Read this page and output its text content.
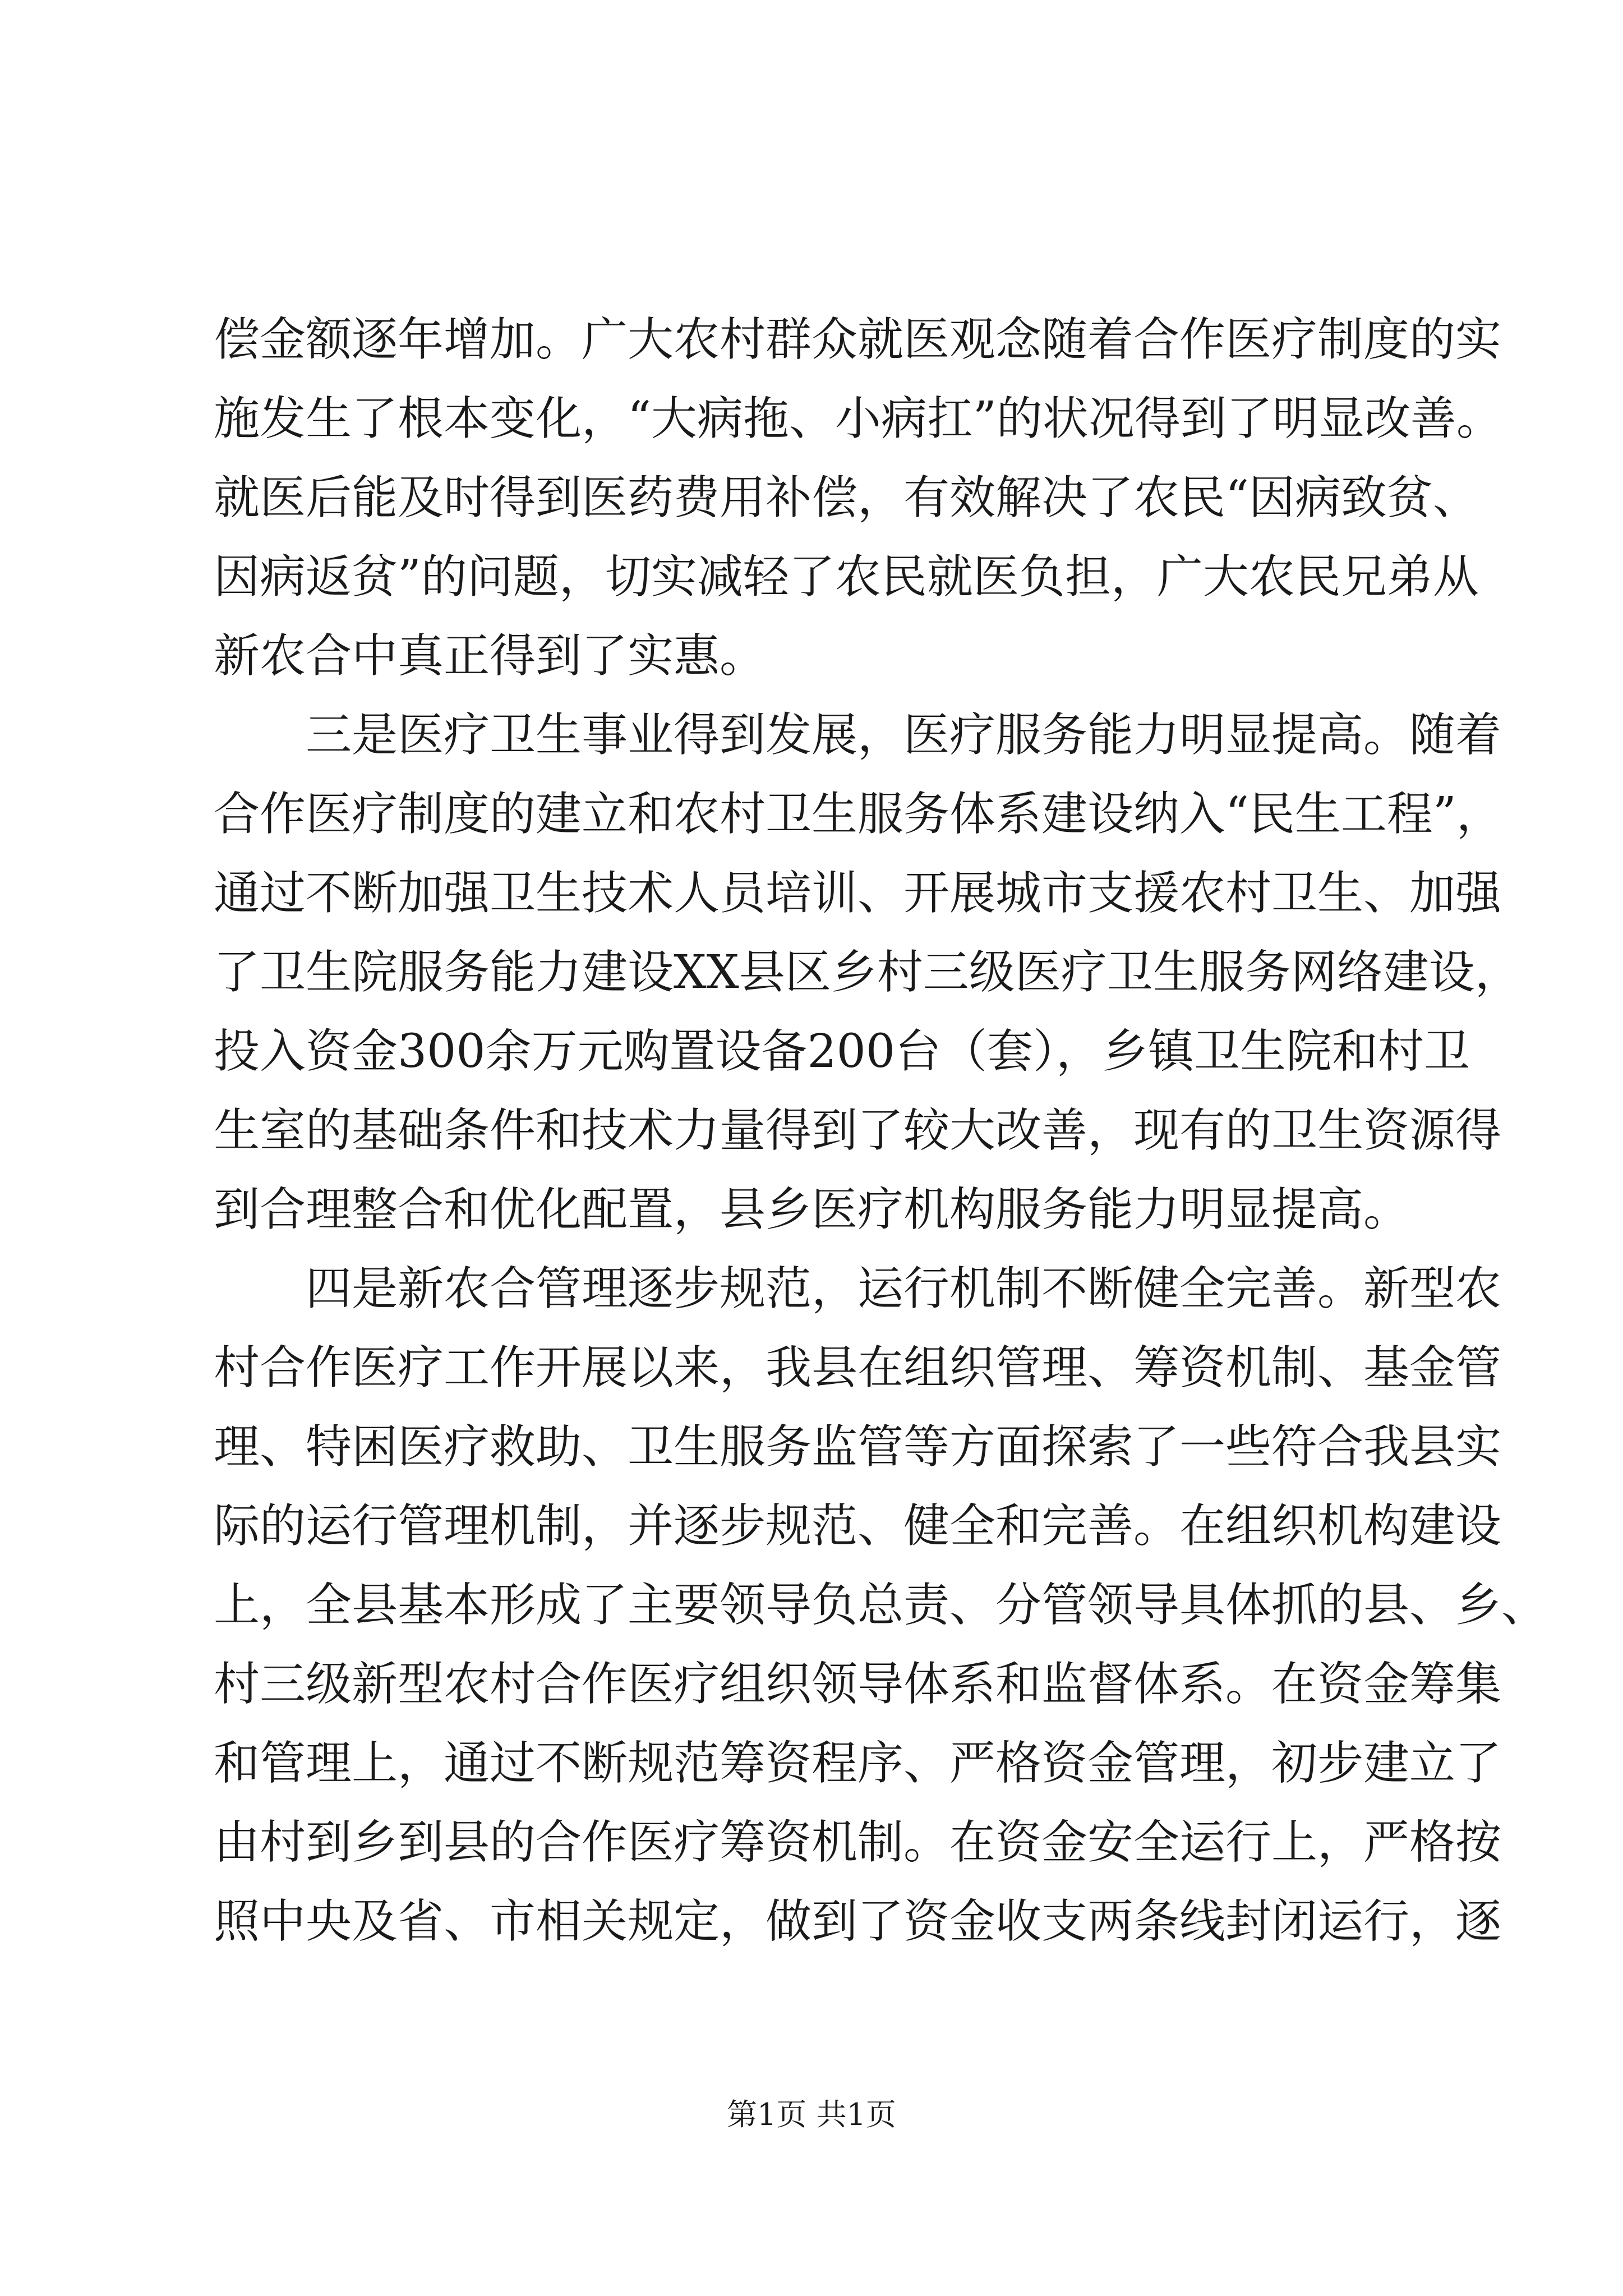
偿金额逐年增加。广大农村群众就医观念随着合作医疗制度的实
施发生了根本变化，“大病拖、小病扛”的状况得到了明显改善。
就医后能及时得到医药费用补偿，有效解决了农民“因病致贫、
因病返贫”的问题，切实减轻了农民就医负担，广大农民兄弟从
新农合中真正得到了实惠。
　　三是医疗卫生事业得到发展，医疗服务能力明显提高。随着
合作医疗制度的建立和农村卫生服务体系建设纳入“民生工程”，
通过不断加强卫生技术人员培训、开展城市支援农村卫生、加强
了卫生院服务能力建设XX县区乡村三级医疗卫生服务网络建设，
投入资金300余万元购置设备200台（套），乡镇卫生院和村卫
生室的基础条件和技术力量得到了较大改善，现有的卫生资源得
到合理整合和优化配置，县乡医疗机构服务能力明显提高。
　　四是新农合管理逐步规范，运行机制不断健全完善。新型农
村合作医疗工作开展以来，我县在组织管理、筹资机制、基金管
理、特困医疗救助、卫生服务监管等方面探索了一些符合我县实
际的运行管理机制，并逐步规范、健全和完善。在组织机构建设
上，全县基本形成了主要领导负总责、分管领导具体抓的县、乡、
村三级新型农村合作医疗组织领导体系和监督体系。在资金筹集
和管理上，通过不断规范筹资程序、严格资金管理，初步建立了
由村到乡到县的合作医疗筹资机制。在资金安全运行上，严格按
照中央及省、市相关规定，做到了资金收支两条线封闭运行，逐
第1页 共1页
